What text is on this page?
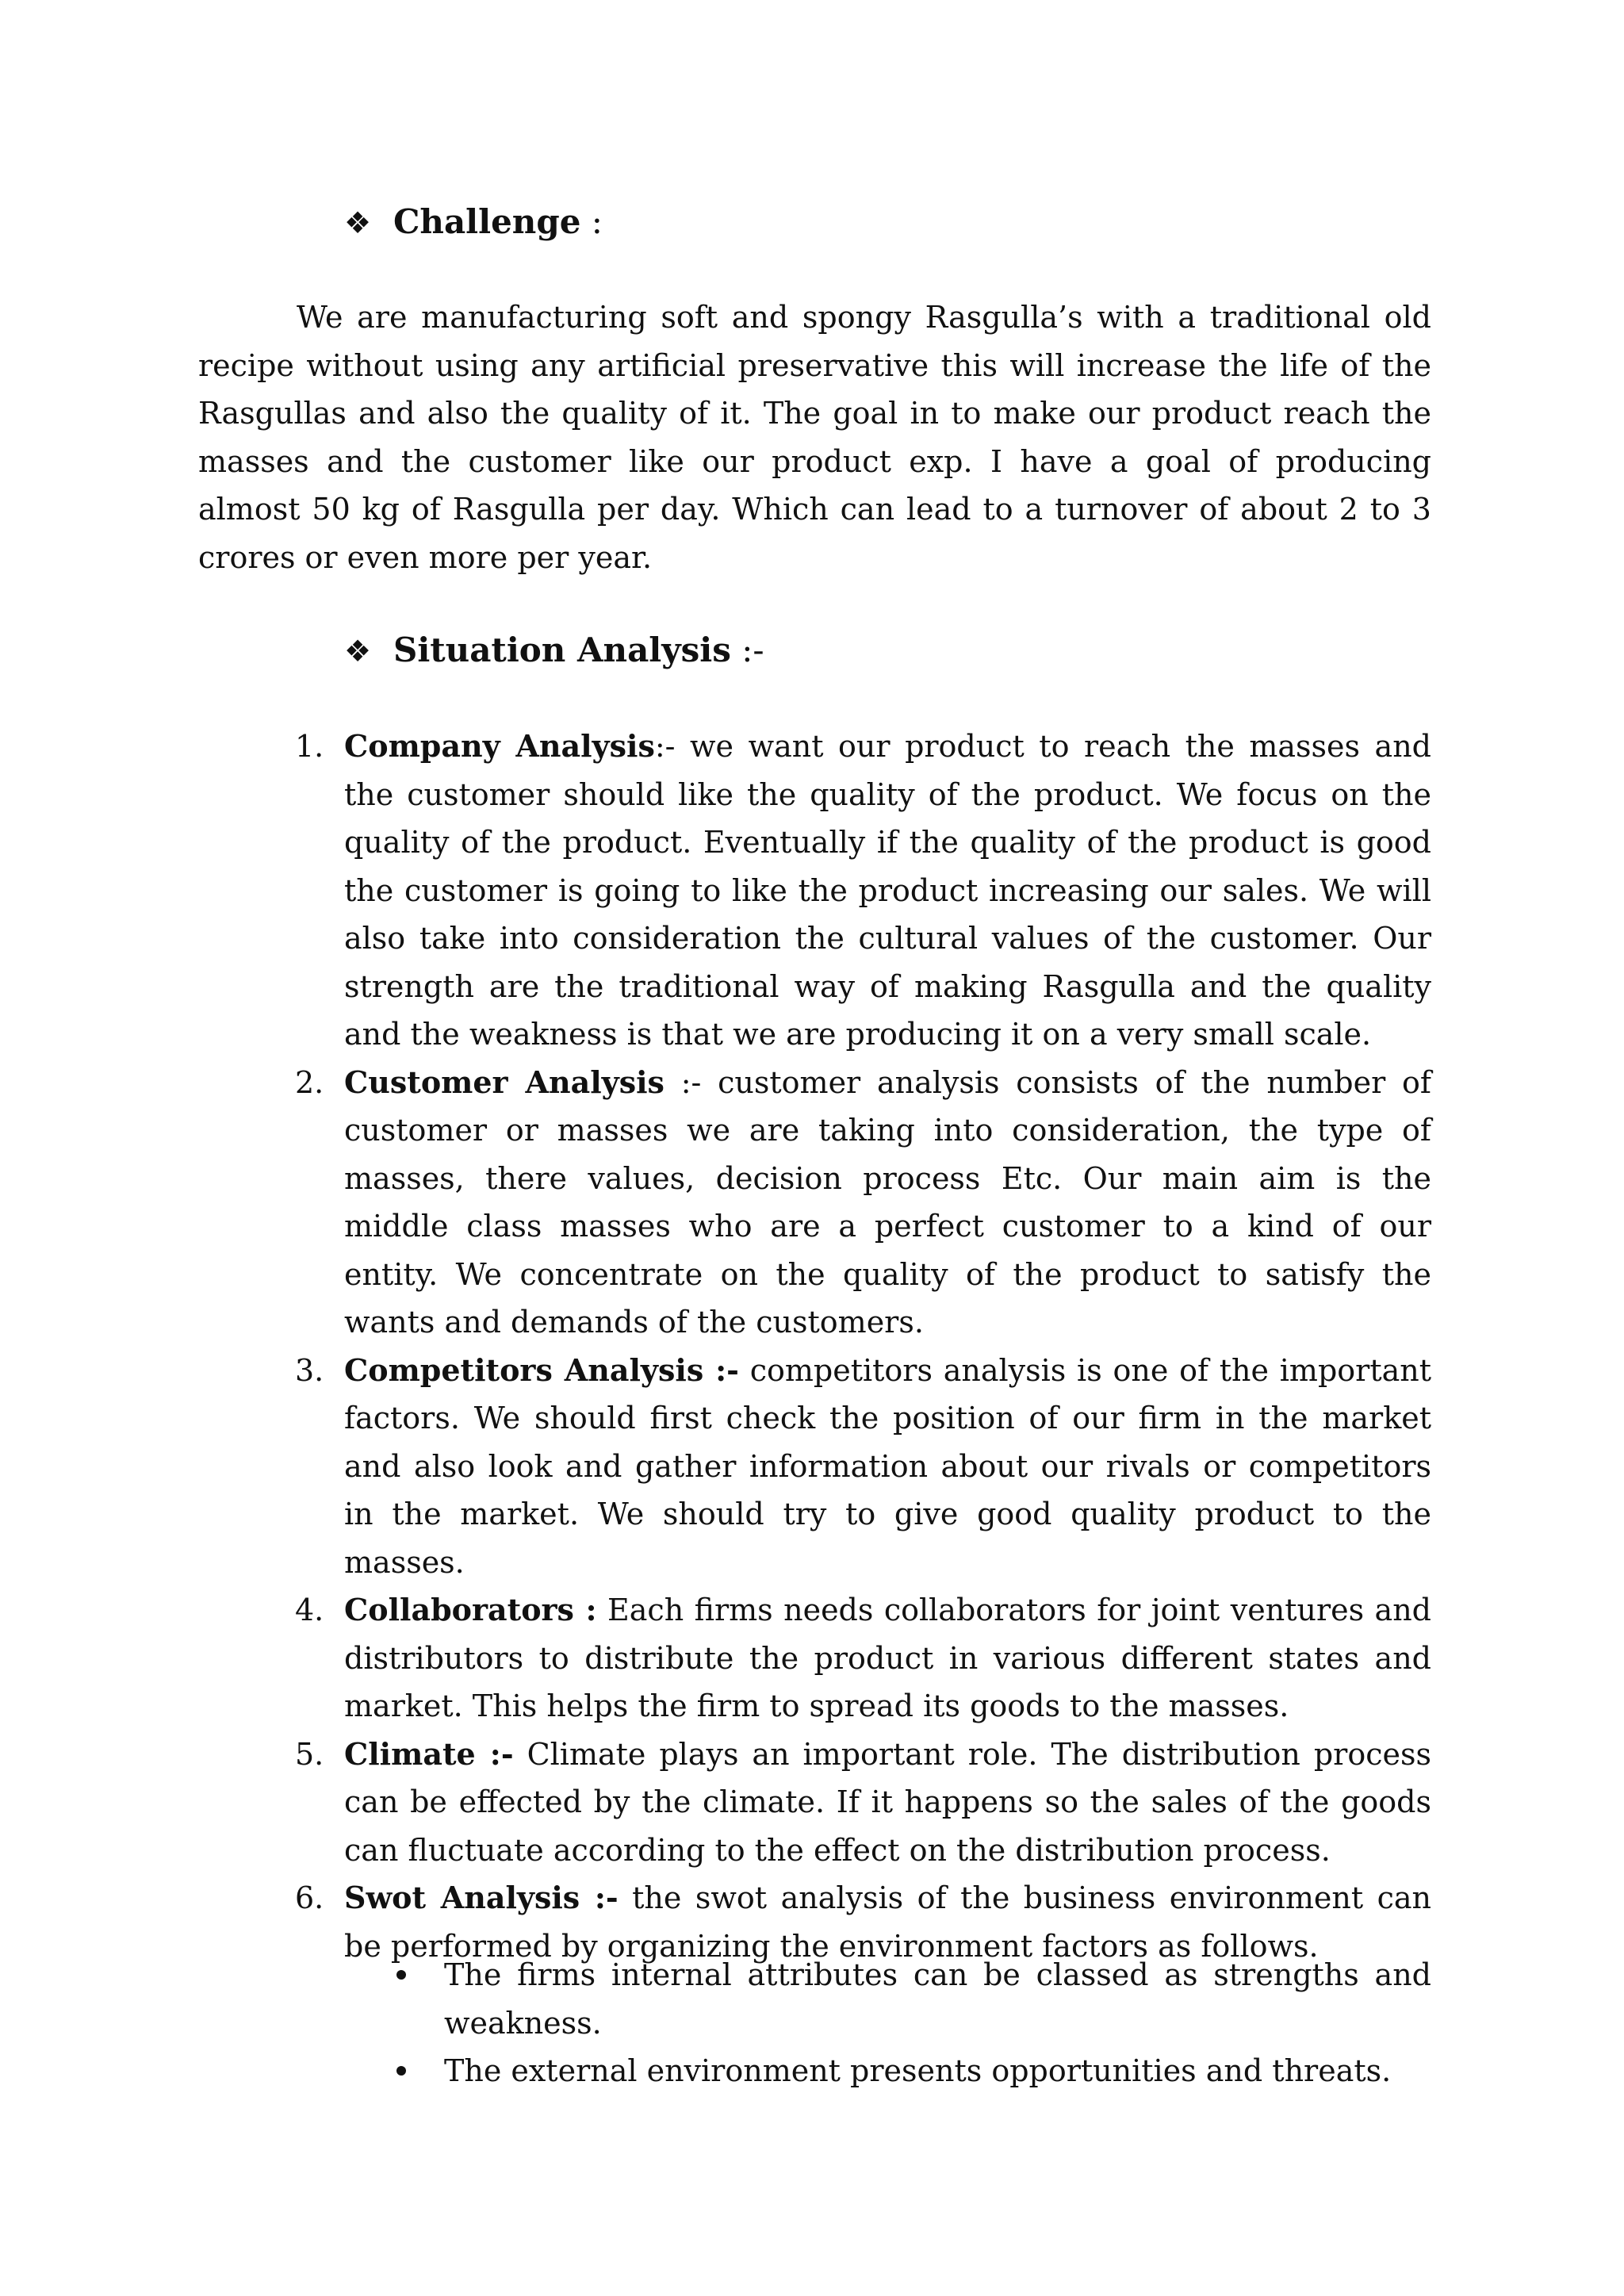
❖ Challenge :

We are manufacturing soft and spongy Rasgulla’s with a traditional old recipe without using any artificial preservative this will increase the life of the Rasgullas and also the quality of it. The goal in to make our product reach the masses and the customer like our product exp. I have a goal of producing almost 50 kg of Rasgulla per day. Which can lead to a turnover of about 2 to 3 crores or even more per year.

❖ Situation Analysis :-
1. Company Analysis:- we want our product to reach the masses and the customer should like the quality of the product. We focus on the quality of the product. Eventually if the quality of the product is good the customer is going to like the product increasing our sales. We will also take into consideration the cultural values of the customer. Our strength are the traditional way of making Rasgulla and the quality and the weakness is that we are producing it on a very small scale.
2. Customer Analysis :- customer analysis consists of the number of customer or masses we are taking into consideration, the type of masses, there values, decision process Etc. Our main aim is the middle class masses who are a perfect customer to a kind of our entity. We concentrate on the quality of the product to satisfy the wants and demands of the customers.
3. Competitors Analysis :- competitors analysis is one of the important factors. We should first check the position of our firm in the market and also look and gather information about our rivals or competitors in the market. We should try to give good quality product to the masses.
4. Collaborators : Each firms needs collaborators for joint ventures and distributors to distribute the product in various different states and market. This helps the firm to spread its goods to the masses.
5. Climate :- Climate plays an important role. The distribution process can be effected by the climate. If it happens so the sales of the goods can fluctuate according to the effect on the distribution process.
6. Swot Analysis :- the swot analysis of the business environment can be performed by organizing the environment factors as follows.
The firms internal attributes can be classed as strengths and weakness.
The external environment presents opportunities and threats.
